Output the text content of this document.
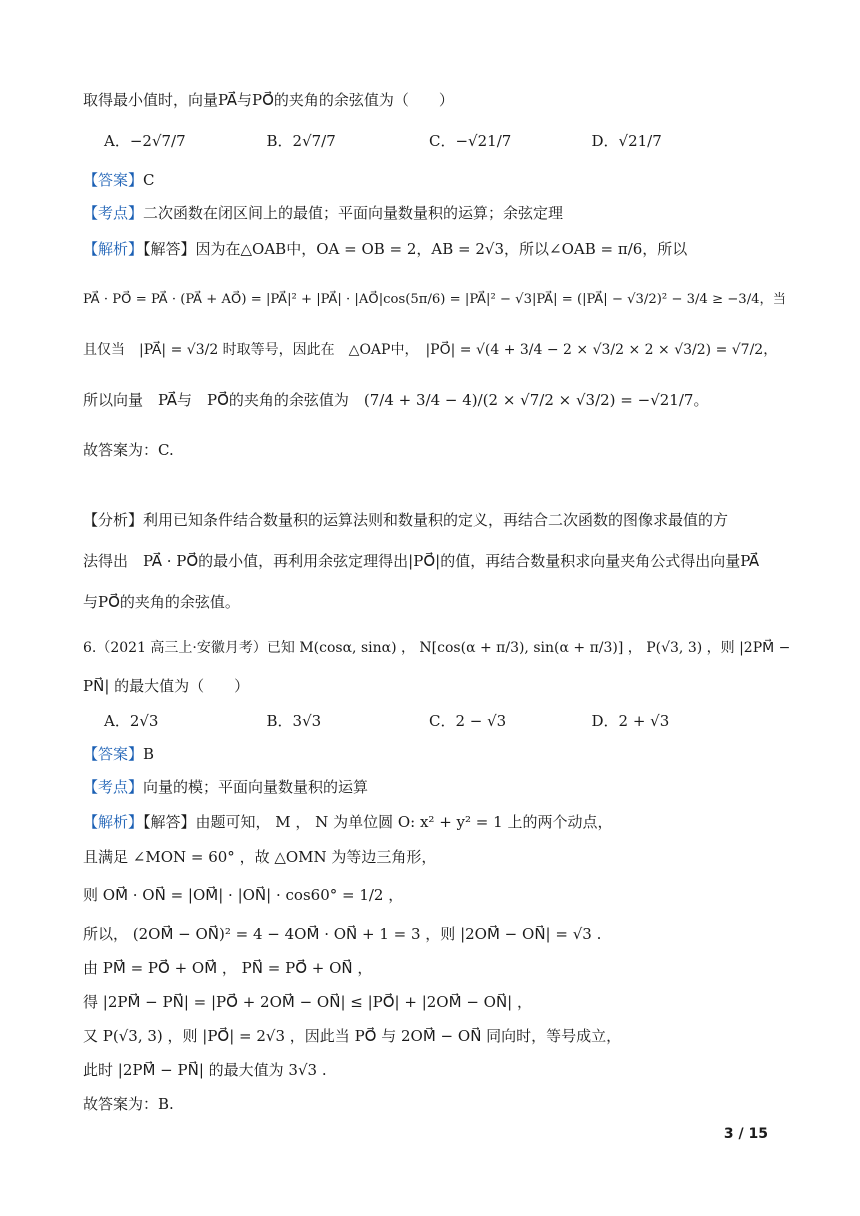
取得最小值时，向量PA⃗与PO⃗的夹角的余弦值为（　　）
A．−2√7/7	B．2√7/7	C．−√21/7	D．√21/7
【答案】C
【考点】二次函数在闭区间上的最值；平面向量数量积的运算；余弦定理
【解析】【解答】因为在△OAB中，OA = OB = 2，AB = 2√3，所以∠OAB = π/6，所以
PA⃗ · PO⃗ = PA⃗ · (PA⃗ + AO⃗) = |PA⃗|² + |PA⃗| · |AO⃗|cos(5π/6) = |PA⃗|² − √3|PA⃗| = (|PA⃗| − √3/2)² − 3/4 ≥ −3/4，当
且仅当　|PA⃗| = √3/2 时取等号，因此在　△OAP中，　|PO⃗| = √(4 + 3/4 − 2 × √3/2 × 2 × √3/2) = √7/2，
所以向量　PA⃗与　PO⃗的夹角的余弦值为　(7/4 + 3/4 − 4)/(2 × √7/2 × √3/2) = −√21/7。
故答案为：C.
【分析】利用已知条件结合数量积的运算法则和数量积的定义，再结合二次函数的图像求最值的方
法得出　PA⃗ · PO⃗的最小值，再利用余弦定理得出|PO⃗|的值，再结合数量积求向量夹角公式得出向量PA⃗
与PO⃗的夹角的余弦值。
6.（2021 高三上·安徽月考）已知 M(cosα, sinα) ， N[cos(α + π/3), sin(α + π/3)] ， P(√3, 3) ，则 |2PM⃗ −
PN⃗| 的最大值为（　　）
A．2√3	B．3√3	C．2 − √3	D．2 + √3
【答案】B
【考点】向量的模；平面向量数量积的运算
【解析】【解答】由题可知， M ， N 为单位圆 O: x² + y² = 1 上的两个动点，
且满足 ∠MON = 60° ，故 △OMN 为等边三角形，
则 OM⃗ · ON⃗ = |OM⃗| · |ON⃗| · cos60° = 1/2 ，
所以， (2OM⃗ − ON⃗)² = 4 − 4OM⃗ · ON⃗ + 1 = 3 ，则 |2OM⃗ − ON⃗| = √3 .
由 PM⃗ = PO⃗ + OM⃗ ， PN⃗ = PO⃗ + ON⃗ ，
得 |2PM⃗ − PN⃗| = |PO⃗ + 2OM⃗ − ON⃗| ≤ |PO⃗| + |2OM⃗ − ON⃗| ，
又 P(√3, 3) ，则 |PO⃗| = 2√3 ，因此当 PO⃗ 与 2OM⃗ − ON⃗ 同向时，等号成立，
此时 |2PM⃗ − PN⃗| 的最大值为 3√3 .
故答案为：B.
3 / 15
